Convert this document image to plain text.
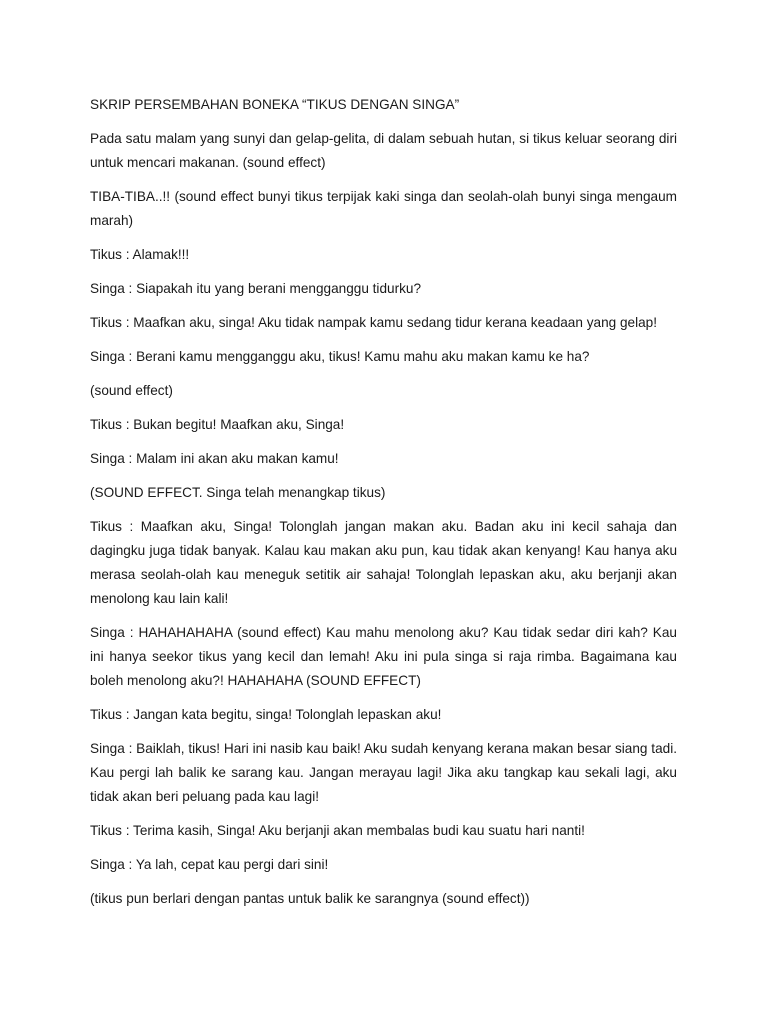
SKRIP PERSEMBAHAN BONEKA “TIKUS DENGAN SINGA”

Pada satu malam yang sunyi dan gelap-gelita, di dalam sebuah hutan, si tikus keluar seorang diri untuk mencari makanan. (sound effect)

TIBA-TIBA..!! (sound effect bunyi tikus terpijak kaki singa dan seolah-olah bunyi singa mengaum marah)

Tikus : Alamak!!!

Singa : Siapakah itu yang berani mengganggu tidurku?

Tikus : Maafkan aku, singa! Aku tidak nampak kamu sedang tidur kerana keadaan yang gelap!

Singa : Berani kamu mengganggu aku, tikus! Kamu mahu aku makan kamu ke ha?

(sound effect)

Tikus : Bukan begitu! Maafkan aku, Singa!

Singa : Malam ini akan aku makan kamu!

(SOUND EFFECT. Singa telah menangkap tikus)

Tikus : Maafkan aku, Singa! Tolonglah jangan makan aku. Badan aku ini kecil sahaja dan dagingku juga tidak banyak. Kalau kau makan aku pun, kau tidak akan kenyang! Kau hanya aku merasa seolah-olah kau meneguk setitik air sahaja! Tolonglah lepaskan aku, aku berjanji akan menolong kau lain kali!

Singa : HAHAHAHAHA (sound effect) Kau mahu menolong aku? Kau tidak sedar diri kah? Kau ini hanya seekor tikus yang kecil dan lemah! Aku ini pula singa si raja rimba. Bagaimana kau boleh menolong aku?! HAHAHAHA (SOUND EFFECT)

Tikus : Jangan kata begitu, singa! Tolonglah lepaskan aku!

Singa : Baiklah, tikus! Hari ini nasib kau baik! Aku sudah kenyang kerana makan besar siang tadi. Kau pergi lah balik ke sarang kau. Jangan merayau lagi! Jika aku tangkap kau sekali lagi, aku tidak akan beri peluang pada kau lagi!

Tikus : Terima kasih, Singa! Aku berjanji akan membalas budi kau suatu hari nanti!

Singa : Ya lah, cepat kau pergi dari sini!

(tikus pun berlari dengan pantas untuk balik ke sarangnya (sound effect))
